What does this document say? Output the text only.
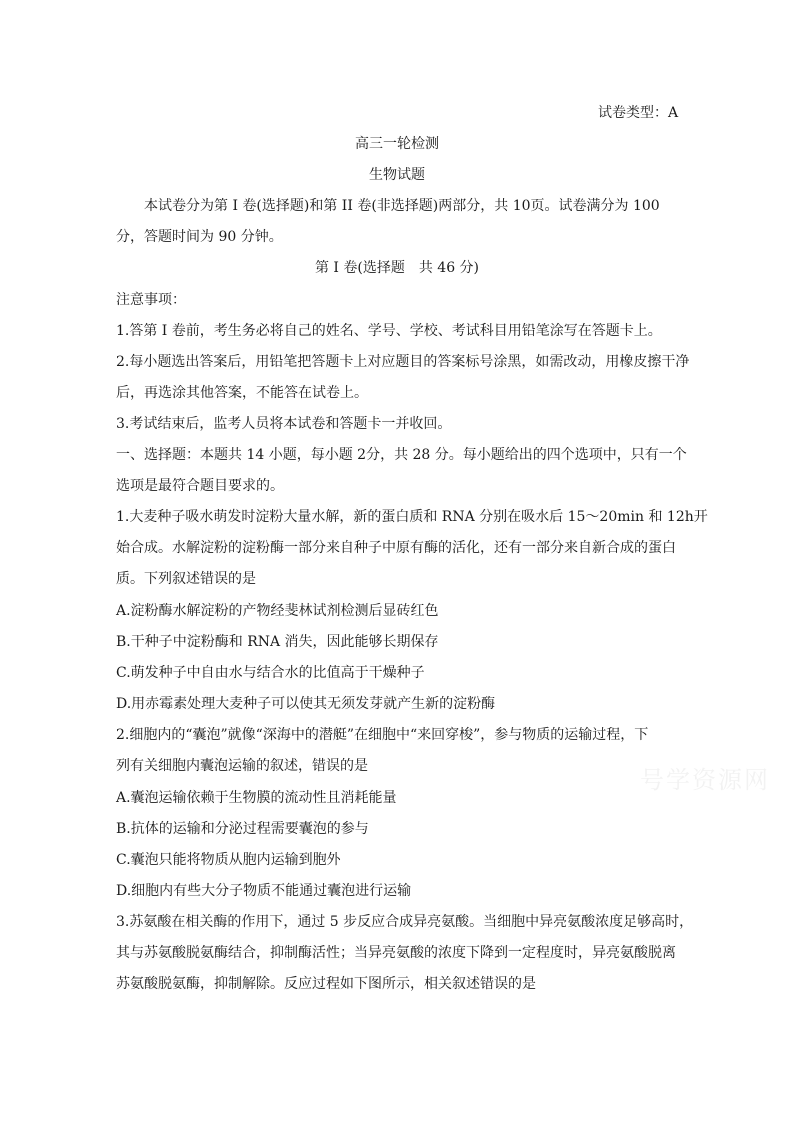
试卷类型：A
高三一轮检测
生物试题
本试卷分为第 I 卷(选择题)和第 II 卷(非选择题)两部分，共 10页。试卷满分为 100
分，答题时间为 90 分钟。
第 I 卷(选择题　共 46 分)
注意事项：
1.答第 I 卷前，考生务必将自己的姓名、学号、学校、考试科目用铅笔涂写在答题卡上。
2.每小题选出答案后，用铅笔把答题卡上对应题目的答案标号涂黑，如需改动，用橡皮擦干净
后，再选涂其他答案，不能答在试卷上。
3.考试结束后，监考人员将本试卷和答题卡一并收回。
一、选择题：本题共 14 小题，每小题 2分，共 28 分。每小题给出的四个选项中，只有一个
选项是最符合题目要求的。
1.大麦种子吸水萌发时淀粉大量水解，新的蛋白质和 RNA 分别在吸水后 15～20min 和 12h开
始合成。水解淀粉的淀粉酶一部分来自种子中原有酶的活化，还有一部分来自新合成的蛋白
质。下列叙述错误的是
A.淀粉酶水解淀粉的产物经斐林试剂检测后显砖红色
B.干种子中淀粉酶和 RNA 消失，因此能够长期保存
C.萌发种子中自由水与结合水的比值高于干燥种子
D.用赤霉素处理大麦种子可以使其无须发芽就产生新的淀粉酶
2.细胞内的“囊泡”就像“深海中的潜艇”在细胞中“来回穿梭”，参与物质的运输过程，下
列有关细胞内囊泡运输的叙述，错误的是
A.囊泡运输依赖于生物膜的流动性且消耗能量
B.抗体的运输和分泌过程需要囊泡的参与
C.囊泡只能将物质从胞内运输到胞外
D.细胞内有些大分子物质不能通过囊泡进行运输
3.苏氨酸在相关酶的作用下，通过 5 步反应合成异亮氨酸。当细胞中异亮氨酸浓度足够高时，
其与苏氨酸脱氨酶结合，抑制酶活性；当异亮氨酸的浓度下降到一定程度时，异亮氨酸脱离
苏氨酸脱氨酶，抑制解除。反应过程如下图所示，相关叙述错误的是
号学资源网
